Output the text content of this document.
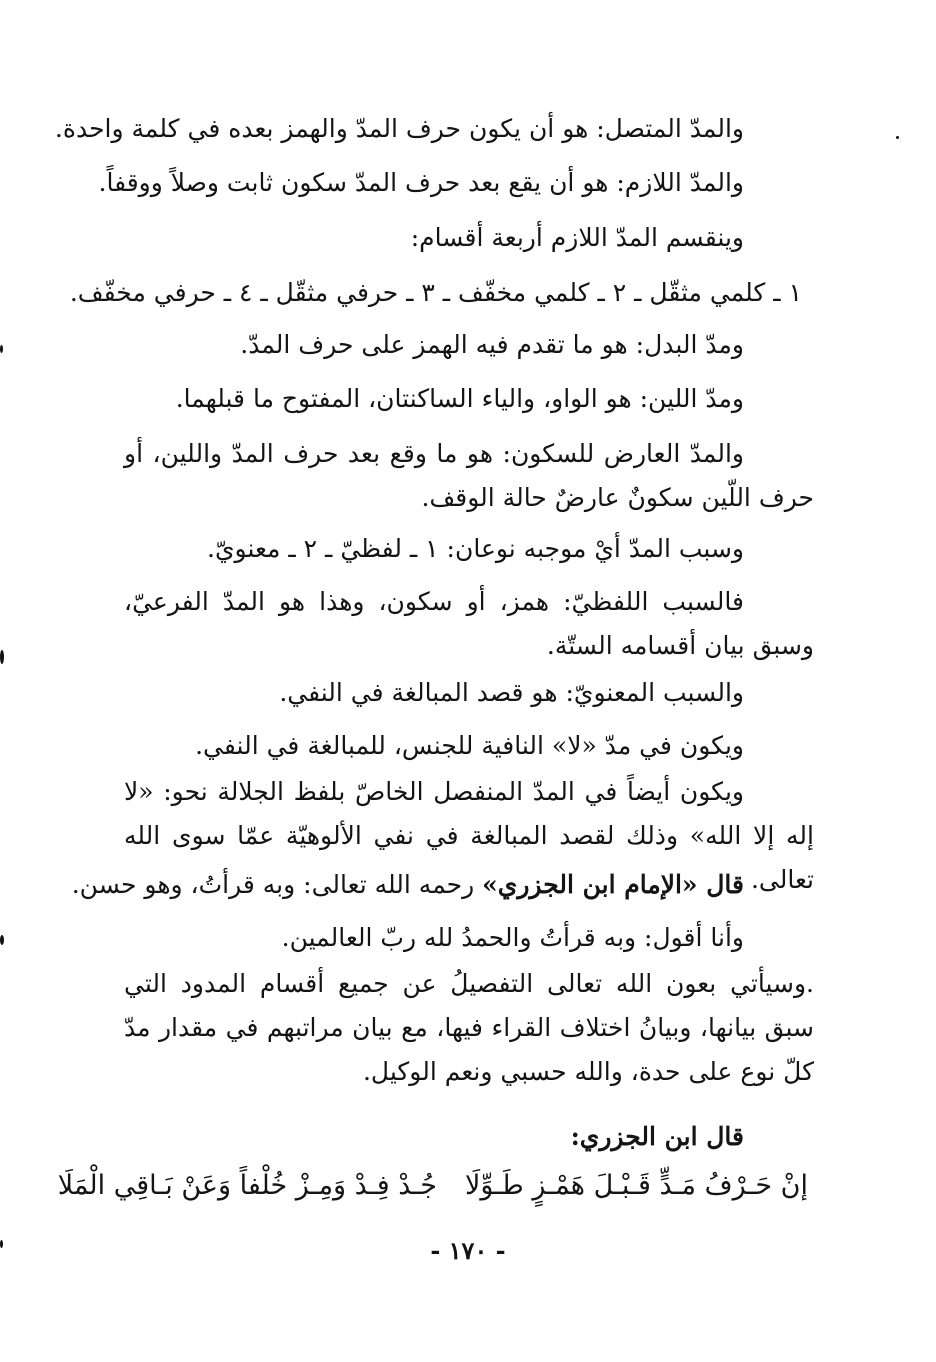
والمدّ المتصل: هو أن يكون حرف المدّ والهمز بعده في كلمة واحدة.
والمدّ اللازم: هو أن يقع بعد حرف المدّ سكون ثابت وصلاً ووقفاً.
وينقسم المدّ اللازم أربعة أقسام:
١ ـ كلمي مثقّل ـ ٢ ـ كلمي مخفّف ـ ٣ ـ حرفي مثقّل ـ ٤ ـ حرفي مخفّف.
ومدّ البدل: هو ما تقدم فيه الهمز على حرف المدّ.
ومدّ اللين: هو الواو، والياء الساكنتان، المفتوح ما قبلهما.
والمدّ العارض للسكون: هو ما وقع بعد حرف المدّ واللين، أو حرف اللّين سكونٌ عارضٌ حالة الوقف.
وسبب المدّ أيْ موجبه نوعان: ١ ـ لفظيّ ـ ٢ ـ معنويّ.
فالسبب اللفظيّ: همز، أو سكون، وهذا هو المدّ الفرعيّ، وسبق بيان أقسامه الستّة.
والسبب المعنويّ: هو قصد المبالغة في النفي.
ويكون في مدّ «لا» النافية للجنس، للمبالغة في النفي.
ويكون أيضاً في المدّ المنفصل الخاصّ بلفظ الجلالة نحو: «لا إله إلا الله» وذلك لقصد المبالغة في نفي الألوهيّة عمّا سوى الله تعالى.
قال «الإمام ابن الجزري» رحمه الله تعالى: وبه قرأتُ، وهو حسن.
وأنا أقول: وبه قرأتُ والحمدُ لله ربّ العالمين.
.وسيأتي بعون الله تعالى التفصيلُ عن جميع أقسام المدود التي سبق بيانها، وبيانُ اختلاف القراء فيها، مع بيان مراتبهم في مقدار مدّ كلّ نوع على حدة، والله حسبي ونعم الوكيل.
قال ابن الجزري:
إنْ حَـرْفُ مَـدٍّ قَـبْـلَ هَمْـزٍ طَـوِّلَاجُـدْ فِـدْ وَمِـزْ خُلْفاً وَعَنْ بَـاقِي الْمَلَا
- ١٧٠ -
